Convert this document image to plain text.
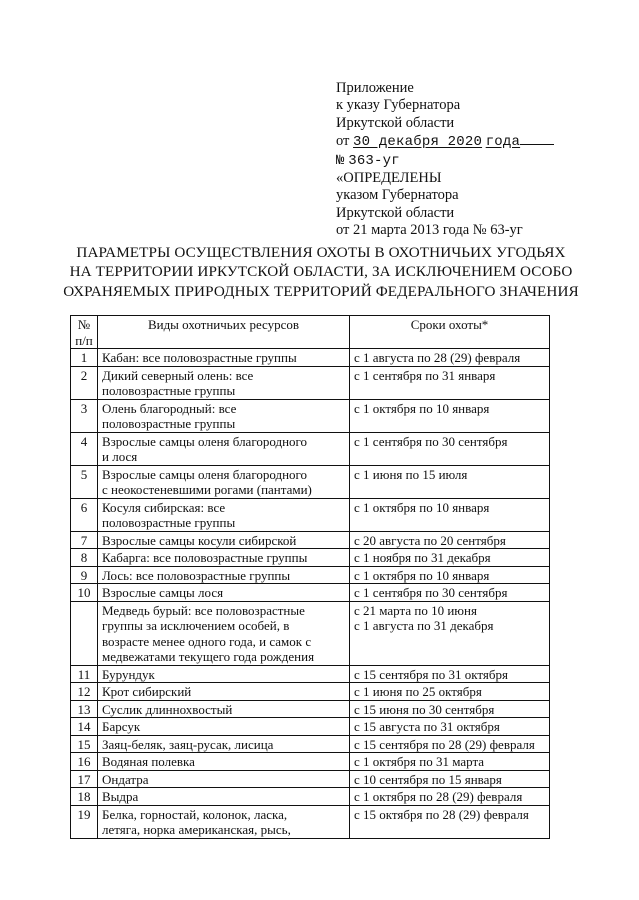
Приложение
к указу Губернатора
Иркутской области
от 30 декабря 2020 года
№ 363-уг
«ОПРЕДЕЛЕНЫ
указом Губернатора
Иркутской области
от 21 марта 2013 года № 63-уг
ПАРАМЕТРЫ ОСУЩЕСТВЛЕНИЯ ОХОТЫ В ОХОТНИЧЬИХ УГОДЬЯХ
НА ТЕРРИТОРИИ ИРКУТСКОЙ ОБЛАСТИ, ЗА ИСКЛЮЧЕНИЕМ ОСОБО
ОХРАНЯЕМЫХ ПРИРОДНЫХ ТЕРРИТОРИЙ ФЕДЕРАЛЬНОГО ЗНАЧЕНИЯ
№
п/п	Виды охотничьих ресурсов	Сроки охоты*
1	Кабан: все половозрастные группы	с 1 августа по 28 (29) февраля

2	Дикий северный олень: все
половозрастные группы	с 1 сентября по 31 января

3	Олень благородный: все
половозрастные группы	с 1 октября по 10 января

4	Взрослые самцы оленя благородного
и лося	с 1 сентября по 30 сентября

5	Взрослые самцы оленя благородного
с неокостеневшими рогами (пантами)	с 1 июня по 15 июля

6	Косуля сибирская: все
половозрастные группы	с 1 октября по 10 января

7	Взрослые самцы косули сибирской	с 20 августа по 20 сентября

8	Кабарга: все половозрастные группы	с 1 ноября по 31 декабря

9	Лось: все половозрастные группы	с 1 октября по 10 января

10	Взрослые самцы лося	с 1 сентября по 30 сентября

	Медведь бурый: все половозрастные
группы за исключением особей, в
возрасте менее одного года, и самок с
медвежатами текущего года рождения	с 21 марта по 10 июня
с 1 августа по 31 декабря

11	Бурундук	с 15 сентября по 31 октября

12	Крот сибирский	с 1 июня по 25 октября

13	Суслик длиннохвостый	с 15 июня по 30 сентября

14	Барсук	с 15 августа по 31 октября

15	Заяц-беляк, заяц-русак, лисица	с 15 сентября по 28 (29) февраля

16	Водяная полевка	с 1 октября по 31 марта

17	Ондатра	с 10 сентября по 15 января

18	Выдра	с 1 октября по 28 (29) февраля

19	Белка, горностай, колонок, ласка,
летяга, норка американская, рысь,	с 15 октября по 28 (29) февраля
